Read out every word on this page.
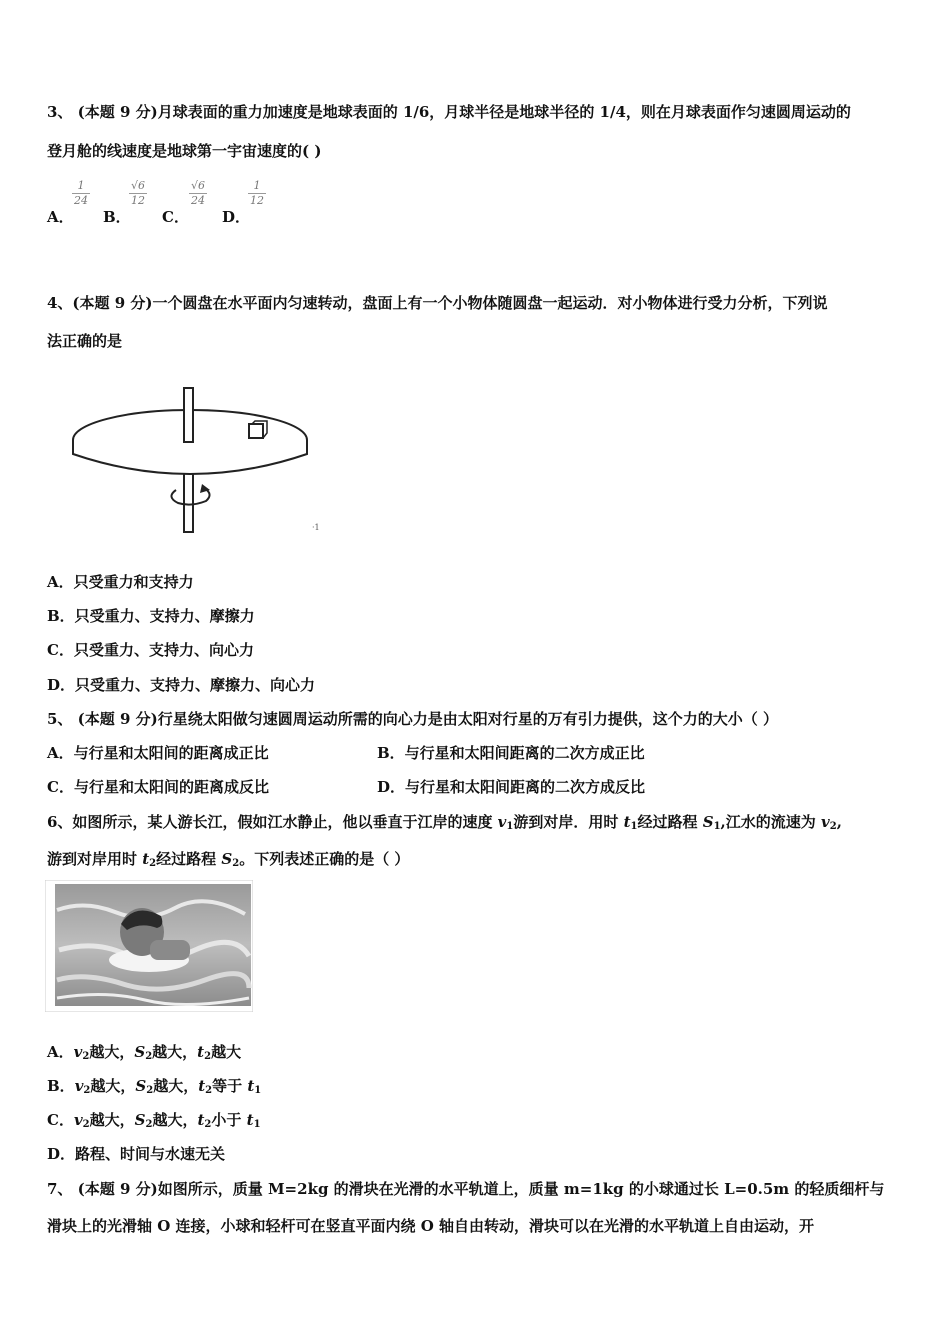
3、 (本题 9 分)月球表面的重力加速度是地球表面的 1/6，月球半径是地球半径的 1/4，则在月球表面作匀速圆周运动的
登月舱的线速度是地球第一宇宙速度的( )
A．
1
24
B．
√6
12
C．
√6
24
D．
1
12
4、(本题 9 分)一个圆盘在水平面内匀速转动，盘面上有一个小物体随圆盘一起运动．对小物体进行受力分析，下列说
法正确的是
·1
A．只受重力和支持力
B．只受重力、支持力、摩擦力
C．只受重力、支持力、向心力
D．只受重力、支持力、摩擦力、向心力
5、 (本题 9 分)行星绕太阳做匀速圆周运动所需的向心力是由太阳对行星的万有引力提供，这个力的大小（ ）
A．与行星和太阳间的距离成正比	B．与行星和太阳间距离的二次方成正比
C．与行星和太阳间的距离成反比	D．与行星和太阳间距离的二次方成反比
6、如图所示，某人游长江，假如江水静止，他以垂直于江岸的速度 $v_1$游到对岸．用时 $t_1$经过路程 $S_1$,江水的流速为 $v_2$,
游到对岸用时 $t_2$经过路程 $S_2$。下列表述正确的是（ ）
A．$v_2$越大，$S_2$越大，$t_2$越大
B．$v_2$越大，$S_2$越大，$t_2$等于 $t_1$
C．$v_2$越大，$S_2$越大，$t_2$小于 $t_1$
D．路程、时间与水速无关
7、 (本题 9 分)如图所示，质量 M=2kg 的滑块在光滑的水平轨道上，质量 m=1kg 的小球通过长 L=0.5m 的轻质细杆与
滑块上的光滑轴 O 连接，小球和轻杆可在竖直平面内绕 O 轴自由转动，滑块可以在光滑的水平轨道上自由运动，开
